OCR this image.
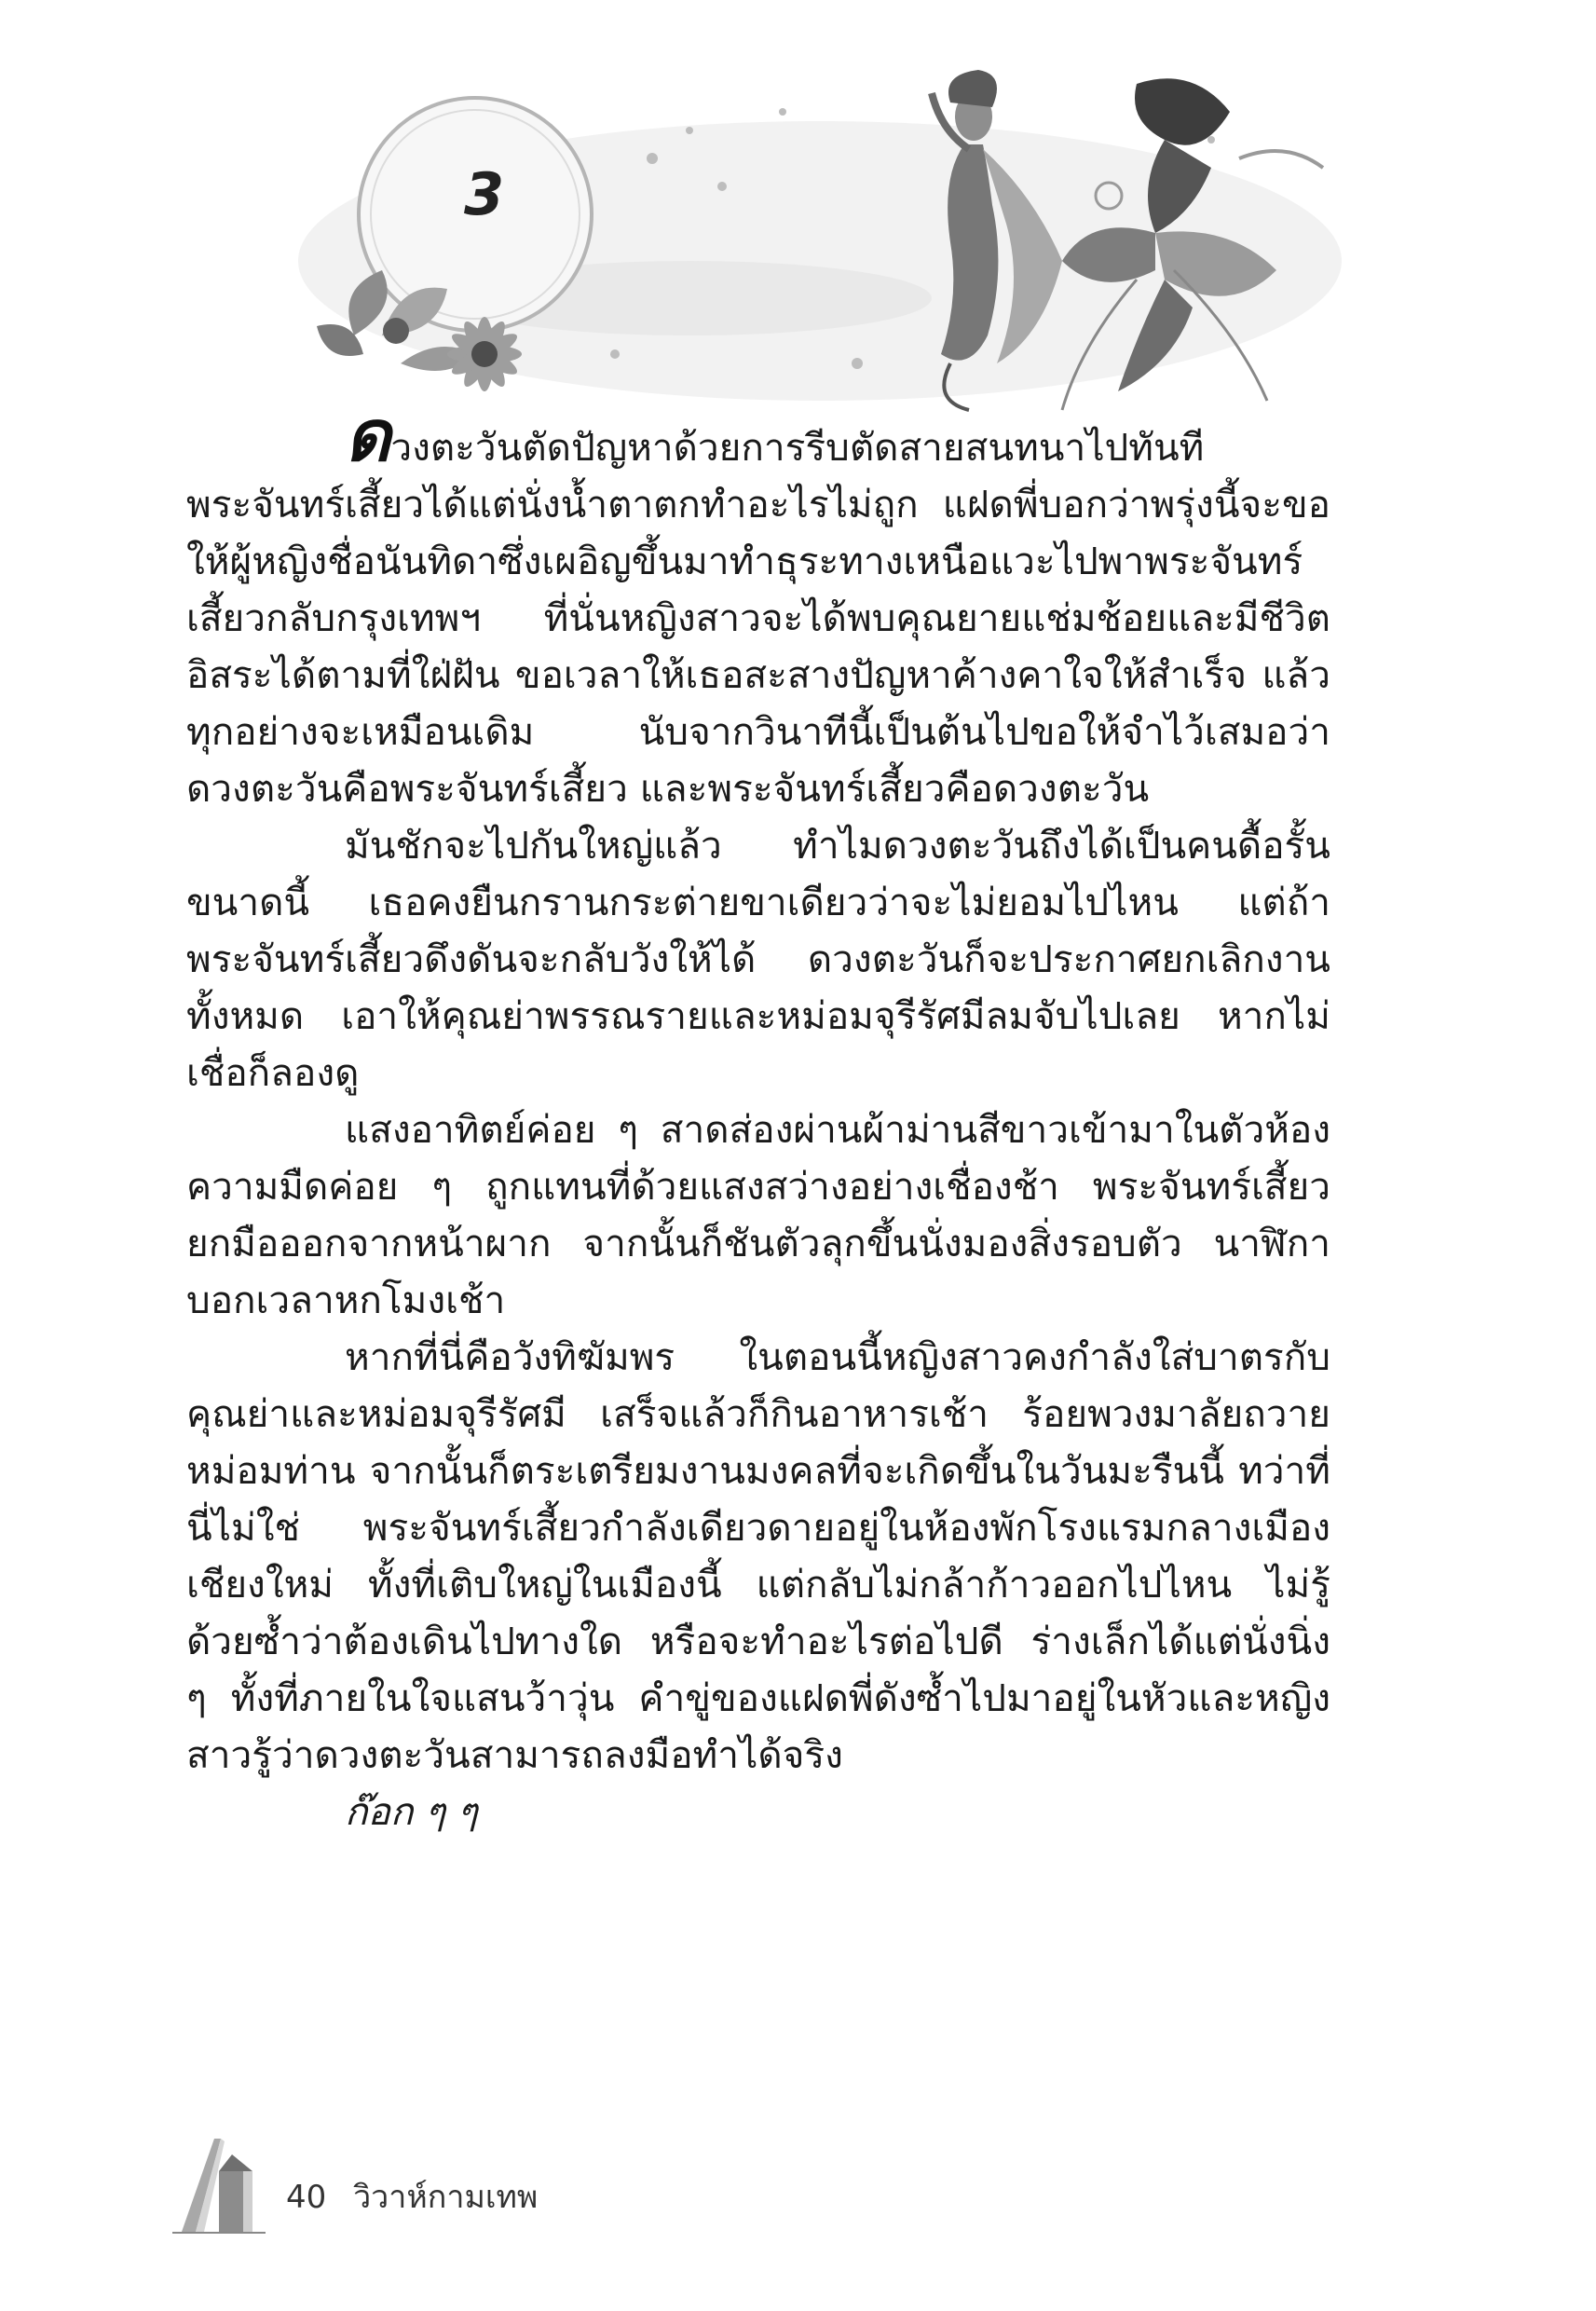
3

ดวงตะวันตัดปัญหาด้วยการรีบตัดสายสนทนาไปทันที พระจันทร์เสี้ยวได้แต่นั่งน้ำตาตกทำอะไรไม่ถูก แฝดพี่บอกว่าพรุ่งนี้จะขอให้ผู้หญิงชื่อนันทิดาซึ่งเผอิญขึ้นมาทำธุระทางเหนือแวะไปพาพระจันทร์เสี้ยวกลับกรุงเทพฯ ที่นั่นหญิงสาวจะได้พบคุณยายแช่มช้อยและมีชีวิตอิสระได้ตามที่ใฝ่ฝัน ขอเวลาให้เธอสะสางปัญหาค้างคาใจให้สำเร็จ แล้วทุกอย่างจะเหมือนเดิม นับจากวินาทีนี้เป็นต้นไปขอให้จำไว้เสมอว่าดวงตะวันคือพระจันทร์เสี้ยว และพระจันทร์เสี้ยวคือดวงตะวัน

มันชักจะไปกันใหญ่แล้ว ทำไมดวงตะวันถึงได้เป็นคนดื้อรั้นขนาดนี้ เธอคงยืนกรานกระต่ายขาเดียวว่าจะไม่ยอมไปไหน แต่ถ้าพระจันทร์เสี้ยวดึงดันจะกลับวังให้ได้ ดวงตะวันก็จะประกาศยกเลิกงานทั้งหมด เอาให้คุณย่าพรรณรายและหม่อมจุรีรัศมีลมจับไปเลย หากไม่เชื่อก็ลองดู

แสงอาทิตย์ค่อย ๆ สาดส่องผ่านผ้าม่านสีขาวเข้ามาในตัวห้อง ความมืดค่อย ๆ ถูกแทนที่ด้วยแสงสว่างอย่างเชื่องช้า พระจันทร์เสี้ยวยกมือออกจากหน้าผาก จากนั้นก็ชันตัวลุกขึ้นนั่งมองสิ่งรอบตัว นาฬิกาบอกเวลาหกโมงเช้า

หากที่นี่คือวังทิฆัมพร ในตอนนี้หญิงสาวคงกำลังใส่บาตรกับคุณย่าและหม่อมจุรีรัศมี เสร็จแล้วก็กินอาหารเช้า ร้อยพวงมาลัยถวายหม่อมท่าน จากนั้นก็ตระเตรียมงานมงคลที่จะเกิดขึ้นในวันมะรืนนี้ ทว่าที่นี่ไม่ใช่ พระจันทร์เสี้ยวกำลังเดียวดายอยู่ในห้องพักโรงแรมกลางเมืองเชียงใหม่ ทั้งที่เติบใหญ่ในเมืองนี้ แต่กลับไม่กล้าก้าวออกไปไหน ไม่รู้ด้วยซ้ำว่าต้องเดินไปทางใด หรือจะทำอะไรต่อไปดี ร่างเล็กได้แต่นั่งนิ่ง ๆ ทั้งที่ภายในใจแสนว้าวุ่น คำขู่ของแฝดพี่ดังซ้ำไปมาอยู่ในหัวและหญิงสาวรู้ว่าดวงตะวันสามารถลงมือทำได้จริง

ก๊อก ๆ ๆ

40 วิวาห์กามเทพ
